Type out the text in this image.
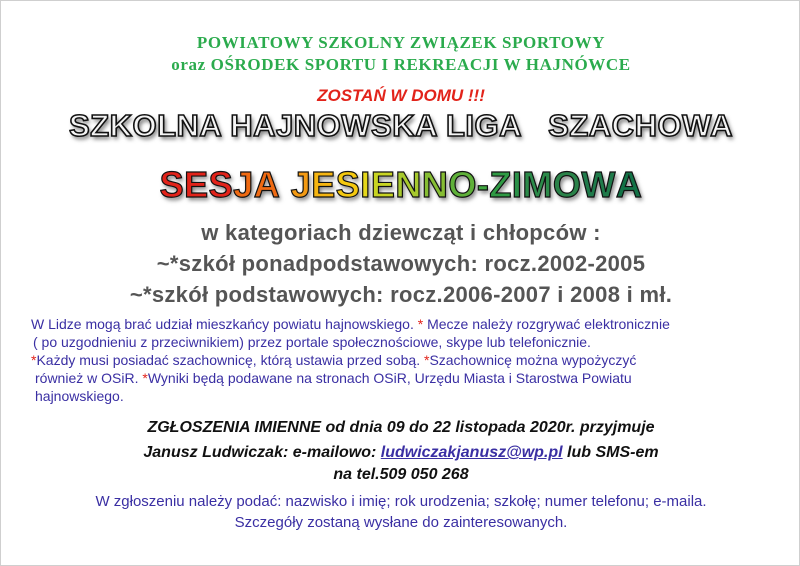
POWIATOWY SZKOLNY ZWIĄZEK SPORTOWY
oraz OŚRODEK SPORTU I REKREACJI W HAJNÓWCE
ZOSTAŃ W DOMU !!!
SZKOLNA HAJNOWSKA LIGA   SZACHOWA
SESJA JESIENNO-ZIMOWA
w kategoriach dziewcząt i chłopców :
~*szkół ponadpodstawowych: rocz.2002-2005
~*szkół podstawowych: rocz.2006-2007 i 2008 i mł.

W Lidze mogą brać udział mieszkańcy powiatu hajnowskiego. * Mecze należy rozgrywać elektronicznie

( po uzgodnieniu z przeciwnikiem) przez portale społecznościowe, skype lub telefonicznie.

*Każdy musi posiadać szachownicę, którą ustawia przed sobą. *Szachownicę można wypożyczyć

również w OSiR. *Wyniki będą podawane na stronach OSiR, Urzędu Miasta i Starostwa Powiatu

hajnowskiego.

ZGŁOSZENIA IMIENNE od dnia 09 do 22 listopada 2020r. przyjmuje
Janusz Ludwiczak: e-mailowo: ludwiczakjanusz@wp.pl lub SMS-em
na tel.509 050 268
W zgłoszeniu należy podać: nazwisko i imię; rok urodzenia; szkołę; numer telefonu; e-maila.
Szczegóły zostaną wysłane do zainteresowanych.
